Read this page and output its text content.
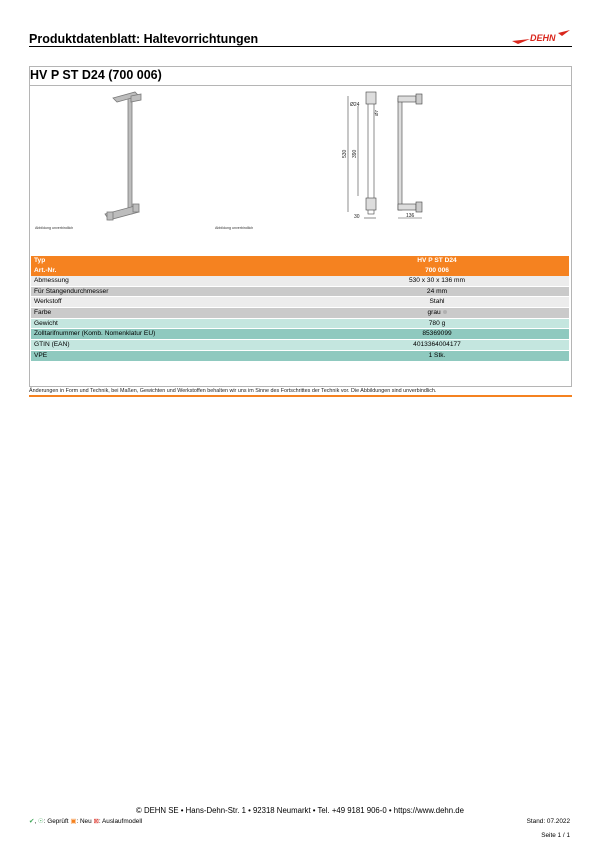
Produktdatenblatt: Haltevorrichtungen	DEHN
HV P ST D24 (700 006)
Abbildung unverbindlich	Abbildung unverbindlich
Ø24
Ø7
390
530
30	136
Typ	HV P ST D24
Art.-Nr.	700 006
Abmessung	530 x 30 x 136 mm
Für Stangendurchmesser	24 mm
Werkstoff	Stahl
Farbe	grau
Gewicht	780 g
Zolltarifnummer (Komb. Nomenklatur EU)	85369099
GTIN (EAN)	4013364004177
VPE	1 Stk.
Änderungen in Form und Technik, bei Maßen, Gewichten und Werkstoffen behalten wir uns im Sinne des Fortschrittes der Technik vor. Die Abbildungen sind unverbindlich.
© DEHN SE • Hans-Dehn-Str. 1 • 92318 Neumarkt • Tel. +49 9181 906-0 • https://www.dehn.de
✔, ☉: Geprüft ▣: Neu ⊠: Auslaufmodell	Stand: 07.2022
Seite 1 / 1
